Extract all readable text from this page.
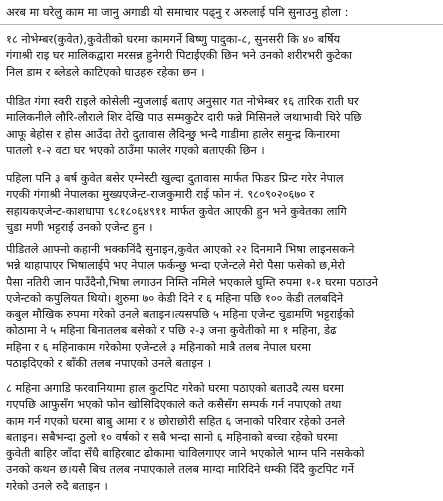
अरब मा घरेलु काम मा जानु अगाडी यो समाचार पढ्नु र अरुलाई पनि सुनाउनु होला :
१८ नोभेम्बर(कुवेत),कुवेतीको घरमा कामगर्ने बिष्णु पादुका-८, सुनसरी कि ४० बर्षिय
गंगाश्री राइ घर मालिकद्वारा मरसन्न हुनेगरी पिटाईएकी छिन भने उनको शरीरभरी कुटेका
निल डाम र ब्लेडले काटिएको घाउहरु रहेका छन ।
पीडित गंगा स्वरी राइले कोसेली न्युजलाई बताए अनुसार गत नोभेम्बर १६ तारिक राती घर
मालिकनीले लौरि-लौराले शिर देखि पाउ सम्मकुटेर दारी फन्ने मिसिनले जथाभावी चिरे पछि
आफू बेहोस र होस आउँदा तेरो दुतावास लैदिन्छु भन्दै गाडीमा हालेर समुन्द्र किनारमा
पातलो १-२ वटा घर भएको ठाउँमा फालेर गएको बताएकी छिन ।
पहिला पनि ३ बर्ष कुवेत बसेर एम्नेस्टी खुल्दा दुतावास मार्फत फिङर प्रिन्ट गरेर नेपाल
गएकी गंगाश्री नेपालका मुख्यएजेन्ट-राजकुमारी राई फोन नं. ९८०९०२०६७० र
सहायकएजेन्ट-काशधापा ९८१८०६४९११ मार्फत कुवेत आएकी हुन भने कुवेतका लागि
चुडा मणी भट्टराई उनको एजेन्ट हुन ।
पीडितले आफ्नो कहानी भक्कनिंदै सुनाइन,कुवेत आएको २२ दिनमानै भिषा लाइनसकने
भन्ने थाहापाएर भिषालाईपे भए नेपाल फर्कन्छु भन्दा एजेन्टले मेरो पैसा फसेको छ,मेरो
पैसा नतिरी जान पाउँदैनौ,भिषा लगाउन निम्ति नमिले भएकाले घुम्ति रुपमा १-१ घरमा पठाउने
एजेन्टको कपुलियत थियो। शुरुमा ७० केडी दिने र ६ महिना पछि १०० केडी तलबदिने
कबुल मौखिक रुपमा गरेको उनले बताइन।त्यसपछि ५ महिना एजेन्ट चुडामणि भट्टराईको
कोठामा ने ५ महिना बिनातलब बसेको र पछि २-३ जना कुवेतीको मा १ महिना, डेढ
महिना र ६ महिनाकाम गरेकोमा एजेन्टले ३ महिनाको मात्रै तलब नेपाल घरमा
पठाइदिएको र बाँकी तलब नपाएको उनले बताइन ।
८ महिना अगाडि फरवानियामा हाल कुटपिट गरेको घरमा पठाएको बताउदै त्यस घरमा
गएपछि आफुसँग भएको फोन खोसिदिएकाले कते कसैसँग सम्पर्क गर्न नपाएको तथा
काम गर्न गएको घरमा बाबु आमा र ४ छोराछोरी सहित ६ जनाको परिवार रहेको उनले
बताइन। सबैभन्दा ठुलो १० वर्षको र सबै भन्दा सानो ६ महिनाको बच्चा रहेको घरमा
कुवेती बाहिर जाँदा सँधै बाहिरबाट ढोकामा चाविलगाएर जाने भएकोले भाग्न पनि नसकेको
उनको कथन छ।यसै बिच तलब नपाएकाले तलब माग्दा मारिदिने धम्की दिँदै कुटपिट गर्ने
गरेको उनले रुदै बताइन ।
